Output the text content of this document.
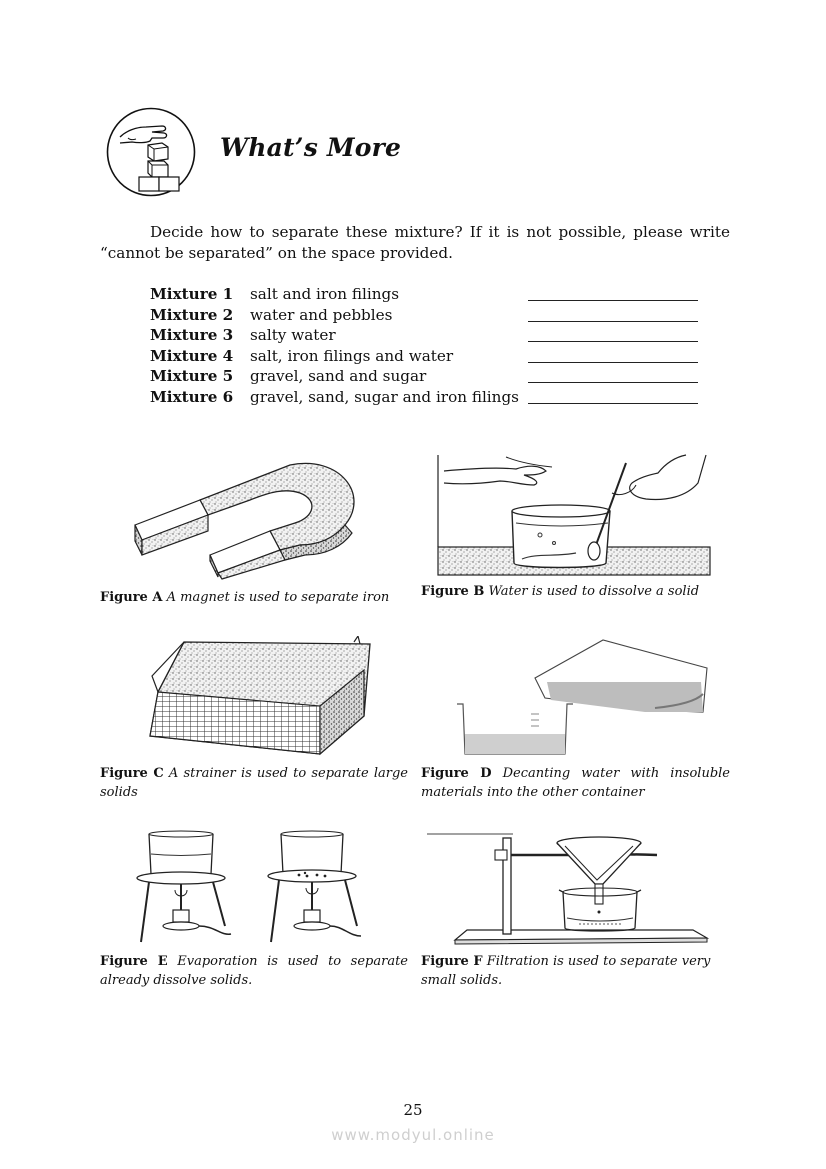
What’s More
Decide how to separate these mixture? If it is not possible, please write “cannot be separated” on the space provided.
Mixture 1 salt and iron filings
Mixture 2 water and pebbles
Mixture 3 salty water
Mixture 4 salt, iron filings and water
Mixture 5 gravel, sand and sugar
Mixture 6 gravel, sand, sugar and iron filings
Figure A A magnet is used to separate iron	Figure B Water is used to dissolve a solid
Figure C A strainer is used to separate large solids
Figure D Decanting water with insoluble materials into the other container
Figure E Evaporation is used to separate already dissolve solids.
Figure F Filtration is used to separate very small solids.
25
www.modyul.online
